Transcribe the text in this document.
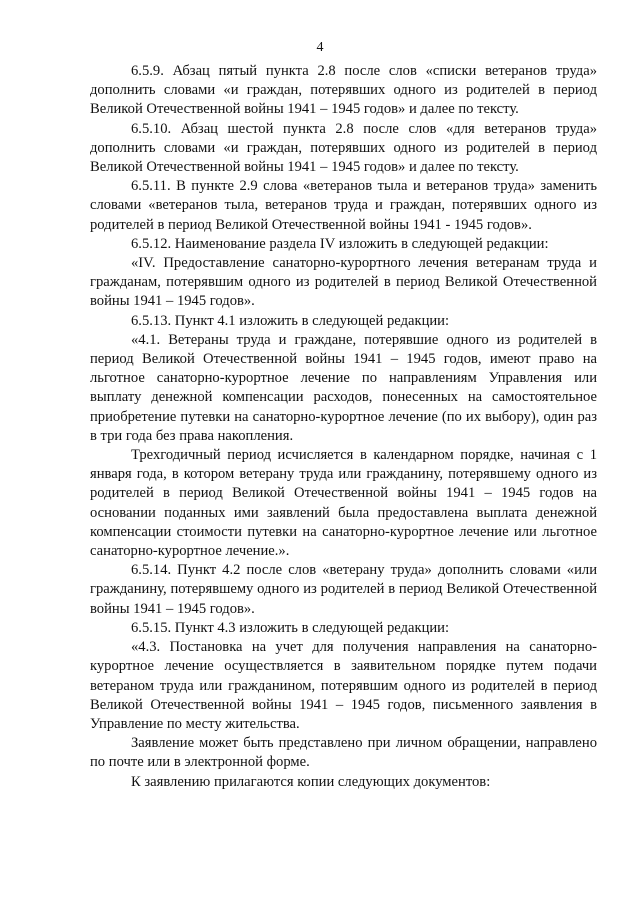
4

6.5.9. Абзац пятый пункта 2.8 после слов «списки ветеранов труда» дополнить словами «и граждан, потерявших одного из родителей в период Великой Отечественной войны 1941 – 1945 годов» и далее по тексту.

6.5.10. Абзац шестой пункта 2.8 после слов «для ветеранов труда» дополнить словами «и граждан, потерявших одного из родителей в период Великой Отечественной войны 1941 – 1945 годов» и далее по тексту.

6.5.11. В пункте 2.9 слова «ветеранов тыла и ветеранов труда» заменить словами «ветеранов тыла, ветеранов труда и граждан, потерявших одного из родителей в период Великой Отечественной войны 1941 - 1945 годов».

6.5.12. Наименование раздела IV изложить в следующей редакции:

«IV. Предоставление санаторно-курортного лечения ветеранам труда и гражданам, потерявшим одного из родителей в период Великой Отечественной войны 1941 – 1945 годов».

6.5.13. Пункт 4.1 изложить в следующей редакции:

«4.1. Ветераны труда и граждане, потерявшие одного из родителей в период Великой Отечественной войны 1941 – 1945 годов, имеют право на льготное санаторно-курортное лечение по направлениям Управления или выплату денежной компенсации расходов, понесенных на самостоятельное приобретение путевки на санаторно-курортное лечение (по их выбору), один раз в три года без права накопления.

Трехгодичный период исчисляется в календарном порядке, начиная с 1 января года, в котором ветерану труда или гражданину, потерявшему одного из родителей в период Великой Отечественной войны 1941 – 1945 годов на основании поданных ими заявлений была предоставлена выплата денежной компенсации стоимости путевки на санаторно-курортное лечение или льготное санаторно-курортное лечение.».

6.5.14. Пункт 4.2 после слов «ветерану труда» дополнить словами «или гражданину, потерявшему одного из родителей в период Великой Отечественной войны 1941 – 1945 годов».

6.5.15. Пункт 4.3 изложить в следующей редакции:

«4.3. Постановка на учет для получения направления на санаторно-курортное лечение осуществляется в заявительном порядке путем подачи ветераном труда или гражданином, потерявшим одного из родителей в период Великой Отечественной войны 1941 – 1945 годов, письменного заявления в Управление по месту жительства.

Заявление может быть представлено при личном обращении, направлено по почте или в электронной форме.

К заявлению прилагаются копии следующих документов:
